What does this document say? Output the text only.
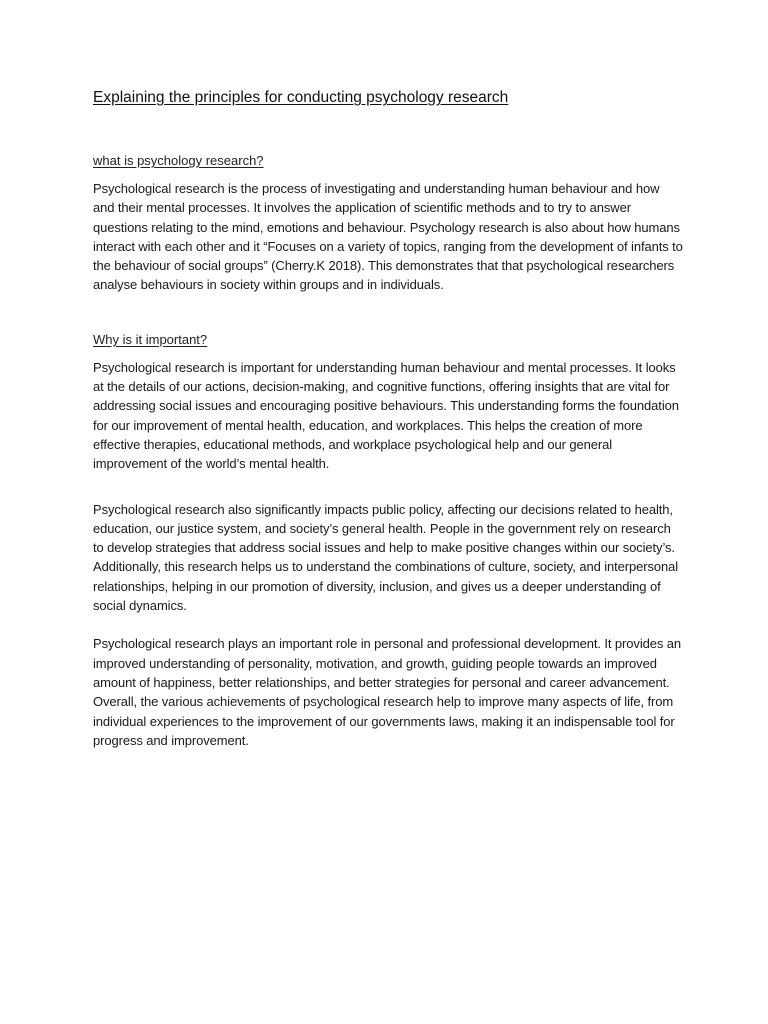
Explaining the principles for conducting psychology research
what is psychology research?

Psychological research is the process of investigating and understanding human behaviour and how and their mental processes. It involves the application of scientific methods and to try to answer questions relating to the mind, emotions and behaviour. Psychology research is also about how humans interact with each other and it “Focuses on a variety of topics, ranging from the development of infants to the behaviour of social groups” (Cherry.K 2018). This demonstrates that that psychological researchers analyse behaviours in society within groups and in individuals.

Why is it important?

Psychological research is important for understanding human behaviour and mental processes. It looks at the details of our actions, decision-making, and cognitive functions, offering insights that are vital for addressing social issues and encouraging positive behaviours. This understanding forms the foundation for our improvement of mental health, education, and workplaces. This helps the creation of more effective therapies, educational methods, and workplace psychological help and our general improvement of the world’s mental health.

Psychological research also significantly impacts public policy, affecting our decisions related to health, education, our justice system, and society’s general health. People in the government rely on research to develop strategies that address social issues and help to make positive changes within our society’s. Additionally, this research helps us to understand the combinations of culture, society, and interpersonal relationships, helping in our promotion of diversity, inclusion, and gives us a deeper understanding of social dynamics.

Psychological research plays an important role in personal and professional development. It provides an improved understanding of personality, motivation, and growth, guiding people towards an improved amount of happiness, better relationships, and better strategies for personal and career advancement. Overall, the various achievements of psychological research help to improve many aspects of life, from individual experiences to the improvement of our governments laws, making it an indispensable tool for progress and improvement.
